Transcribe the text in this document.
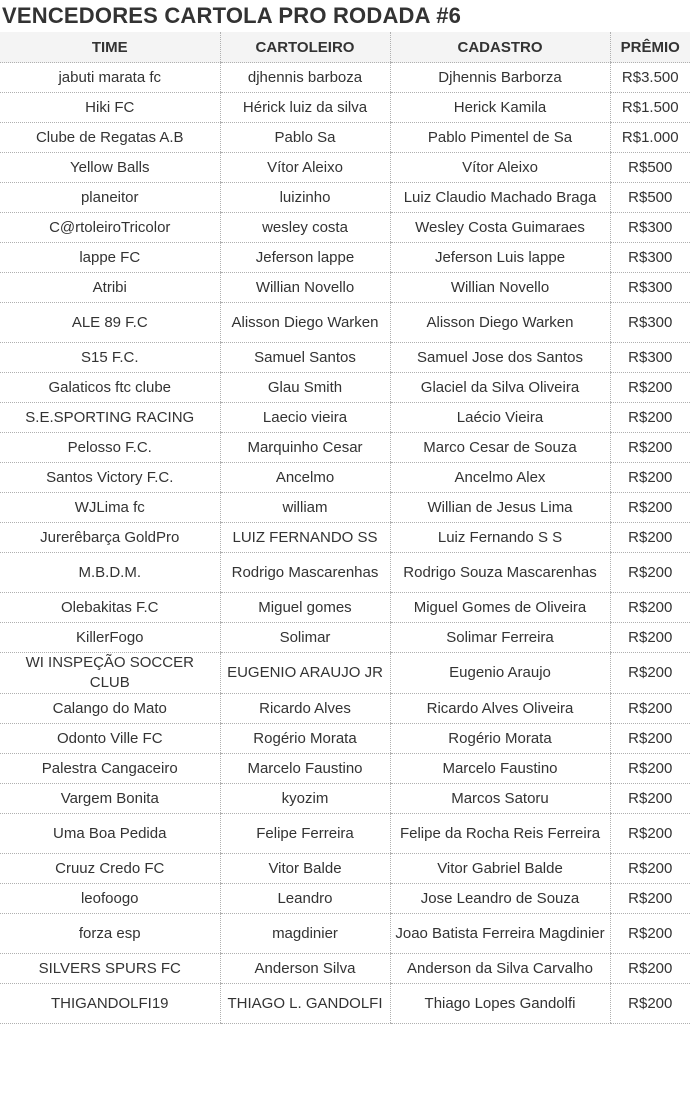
VENCEDORES CARTOLA PRO RODADA #6
TIME	CARTOLEIRO	CADASTRO	PRÊMIO
jabuti marata fc	djhennis barboza	Djhennis Barborza	R$3.500
Hiki FC	Hérick luiz da silva	Herick Kamila	R$1.500
Clube de Regatas A.B	Pablo Sa	Pablo Pimentel de Sa	R$1.000
Yellow Balls	Vítor Aleixo	Vítor Aleixo	R$500
planeitor	luizinho	Luiz Claudio Machado Braga	R$500
C@rtoleiroTricolor	wesley costa	Wesley Costa Guimaraes	R$300
lappe FC	Jeferson lappe	Jeferson Luis lappe	R$300
Atribi	Willian Novello	Willian Novello	R$300
ALE 89 F.C	Alisson Diego Warken	Alisson Diego Warken	R$300
S15 F.C.	Samuel Santos	Samuel Jose dos Santos	R$300
Galaticos ftc clube	Glau Smith	Glaciel da Silva Oliveira	R$200
S.E.SPORTING RACING	Laecio vieira	Laécio Vieira	R$200
Pelosso F.C.	Marquinho Cesar	Marco Cesar de Souza	R$200
Santos Victory F.C.	Ancelmo	Ancelmo Alex	R$200
WJLima fc	william	Willian de Jesus Lima	R$200
Jurerêbarça GoldPro	LUIZ FERNANDO SS	Luiz Fernando S S	R$200
M.B.D.M.	Rodrigo Mascarenhas	Rodrigo Souza Mascarenhas	R$200
Olebakitas F.C	Miguel gomes	Miguel Gomes de Oliveira	R$200
KillerFogo	Solimar	Solimar Ferreira	R$200
WI INSPEÇÃO SOCCER CLUB	EUGENIO ARAUJO JR	Eugenio Araujo	R$200
Calango do Mato	Ricardo Alves	Ricardo Alves Oliveira	R$200
Odonto Ville FC	Rogério Morata	Rogério Morata	R$200
Palestra Cangaceiro	Marcelo Faustino	Marcelo Faustino	R$200
Vargem Bonita	kyozim	Marcos Satoru	R$200
Uma Boa Pedida	Felipe Ferreira	Felipe da Rocha Reis Ferreira	R$200
Cruuz Credo FC	Vitor Balde	Vitor Gabriel Balde	R$200
leofoogo	Leandro	Jose Leandro de Souza	R$200
forza esp	magdinier	Joao Batista Ferreira Magdinier	R$200
SILVERS SPURS FC	Anderson Silva	Anderson da Silva Carvalho	R$200
THIGANDOLFI19	THIAGO L. GANDOLFI	Thiago Lopes Gandolfi	R$200
